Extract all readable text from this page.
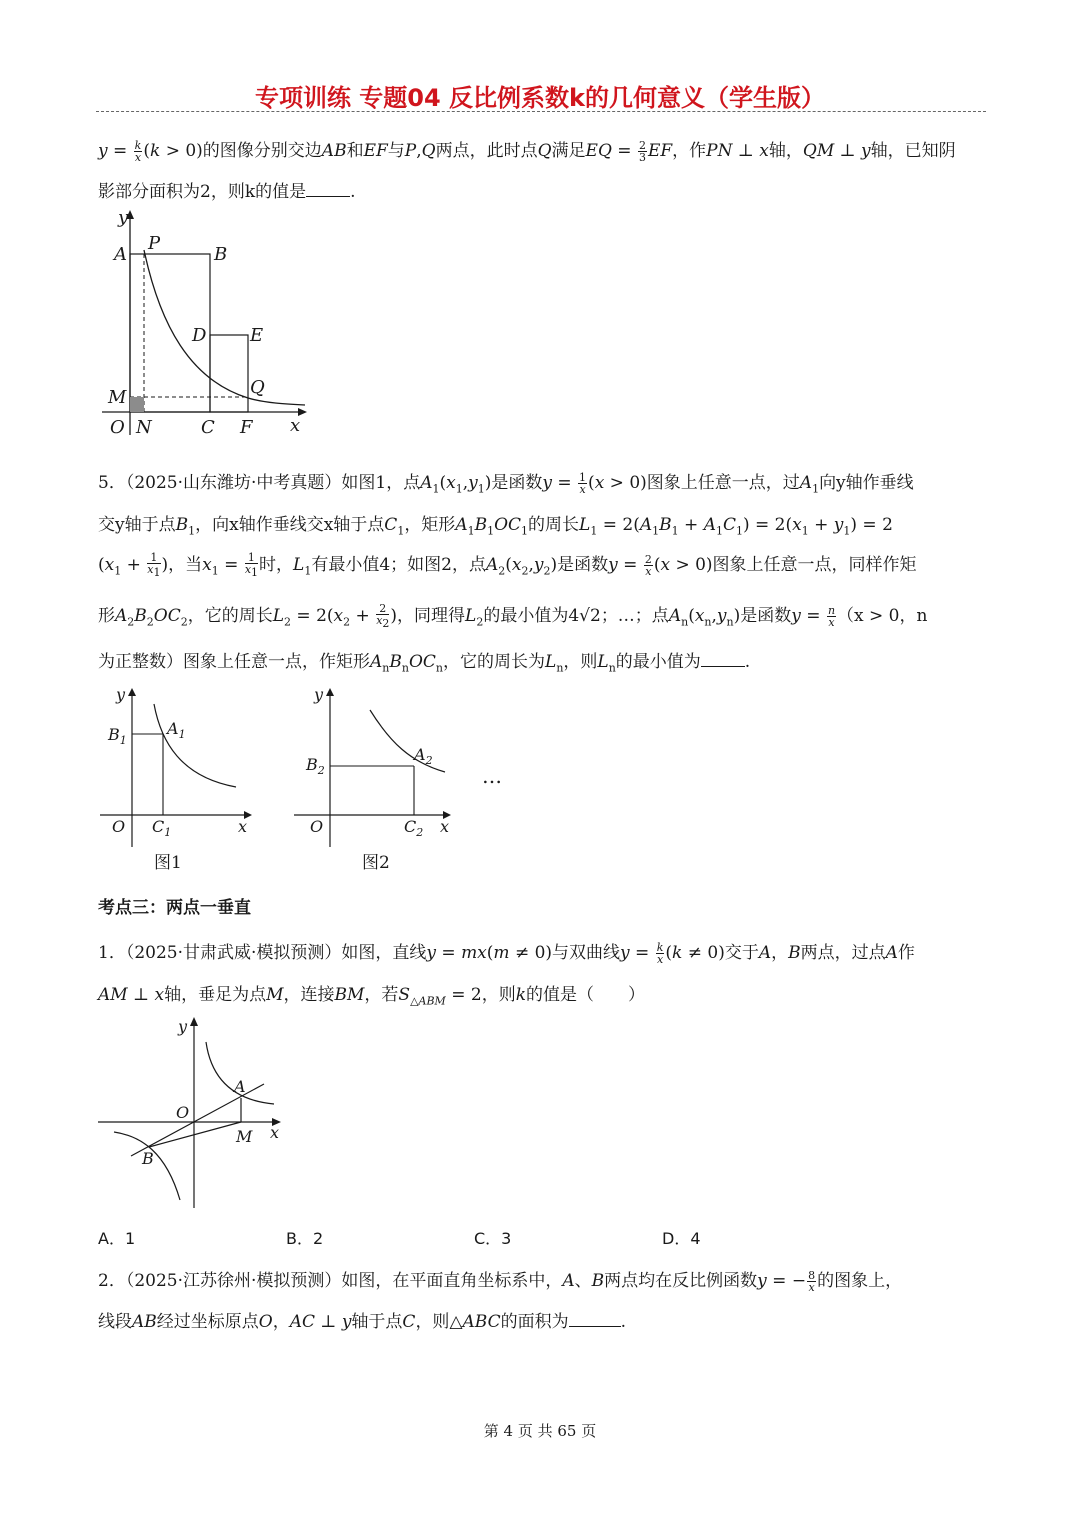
专项训练 专题04 反比例系数k的几何意义（学生版）
$y = \frac{k}{x} (k > 0)$的图像分别交边AB和EF与P,Q两点，此时点Q满足EQ = $\frac{2}{3}$ EF，作PN ⊥ x轴，QM ⊥ y轴，已知阴
影部分面积为2，则k的值是	.
y
A
P
B
D E
Q
M
O N	C F x
5．（2025·山东潍坊·中考真题）如图1，点$A_1(x_1,y_1)$是函数$y = \frac{1}{x} (x > 0)$图象上任意一点，过$A_1$向y轴作垂线
交y轴于点$B_1$，向x轴作垂线交x轴于点$C_1$，矩形$A_1B_1OC_1$的周长$L_1 = 2(A_1B_1 + A_1C_1) = 2(x_1 + y_1) = 2$
($x_1 + \frac{1}{x_1}$ )，当$x_1 = \frac{1}{x_1}$ 时，$L_1$有最小值4；如图2，点$A_2(x_2,y_2)$是函数$y = \frac{2}{x} (x > 0)$图象上任意一点，同样作矩
形$A_2B_2OC_2$，它的周长$L_2 = 2(x_2 + \frac{2}{x_2}$ )，同理得$L_2$的最小值为4√2；…；点$A_n(x_n,y_n)$是函数$y = \frac{n}{x} (x > 0$，n
为正整数）图象上任意一点，作矩形$A_nB_nOC_n$，它的周长为$L_n$，则$L_n$的最小值为	.
y
$B_1$
$A_1$
O $C_1$	x
图1
y
$B_2$
$A_2$
O	$C_2$ x
图2
…
考点三：两点一垂直
1．（2025·甘肃武威·模拟预测）如图，直线y = mx(m ≠ 0)与双曲线$y = \frac{k}{x} (k \ne 0)$交于A，B两点，过点A作
AM ⊥ x轴，垂足为点M，连接BM，若$S_{\triangle ABM} = 2$，则k的值是（　　）
y
O
A
M x
B
A．1	B．2	C．3	D．4
2．（2025·江苏徐州·模拟预测）如图，在平面直角坐标系中，A、B两点均在反比例函数y = − $\frac{8}{x}$ 的图象上，
线段AB经过坐标原点O，AC ⊥ y轴于点C，则△ABC的面积为	.
第 4 页 共 65 页
